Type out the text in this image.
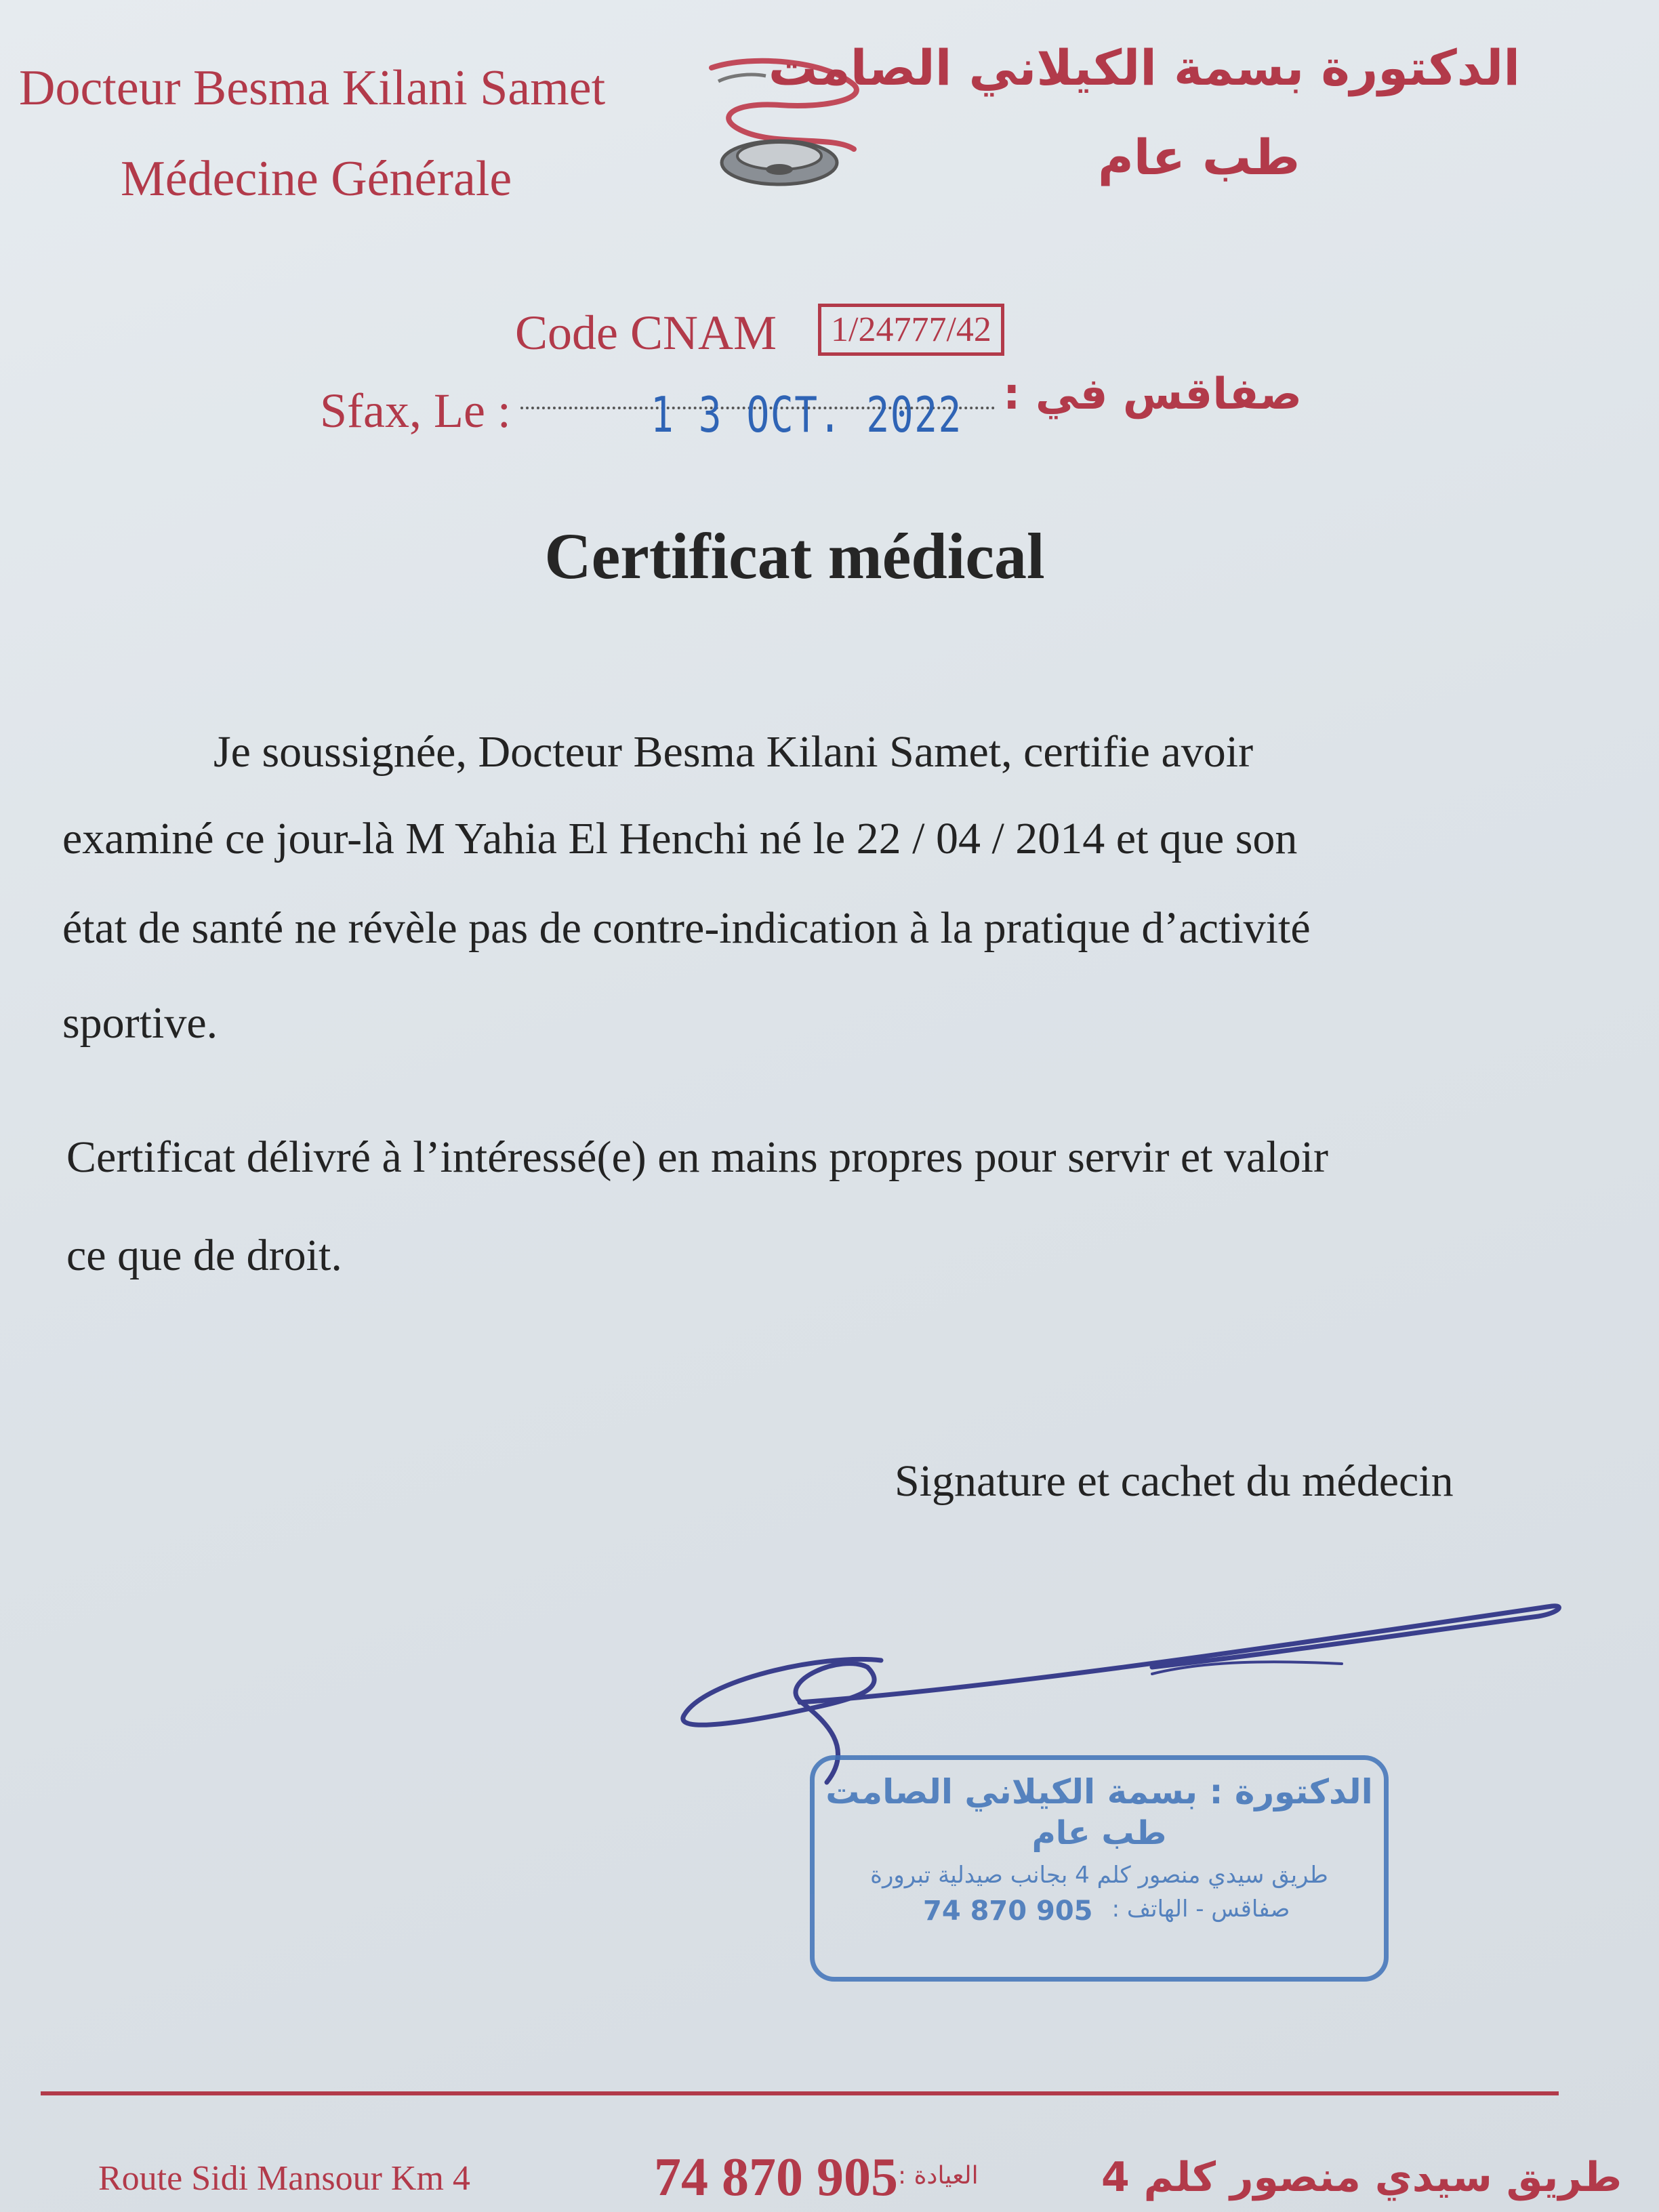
Docteur Besma Kilani Samet
Médecine Générale
الدكتورة بسمة الكيلاني الصامت
طب عام
Code CNAM	1/24777/42
Sfax, Le :	1 3 OCT. 2022 صفاقس في :
Certificat médical
Je soussignée, Docteur Besma Kilani Samet, certifie avoir
examiné ce jour-là M Yahia El Henchi né le 22 / 04 / 2014 et que son
état de santé ne révèle pas de contre-indication à la pratique d’activité
sportive.
Certificat délivré à l’intéressé(e) en mains propres pour servir et valoir
ce que de droit.
Signature et cachet du médecin
الدكتورة : بسمة الكيلاني الصامت
طب عام
طريق سيدي منصور كلم 4 بجانب صيدلية تبرورة
صفاقس - الهاتف :
74 870 905
Route Sidi Mansour Km 4	74 870 905 العيادة :	طريق سيدي منصور كلم 4
